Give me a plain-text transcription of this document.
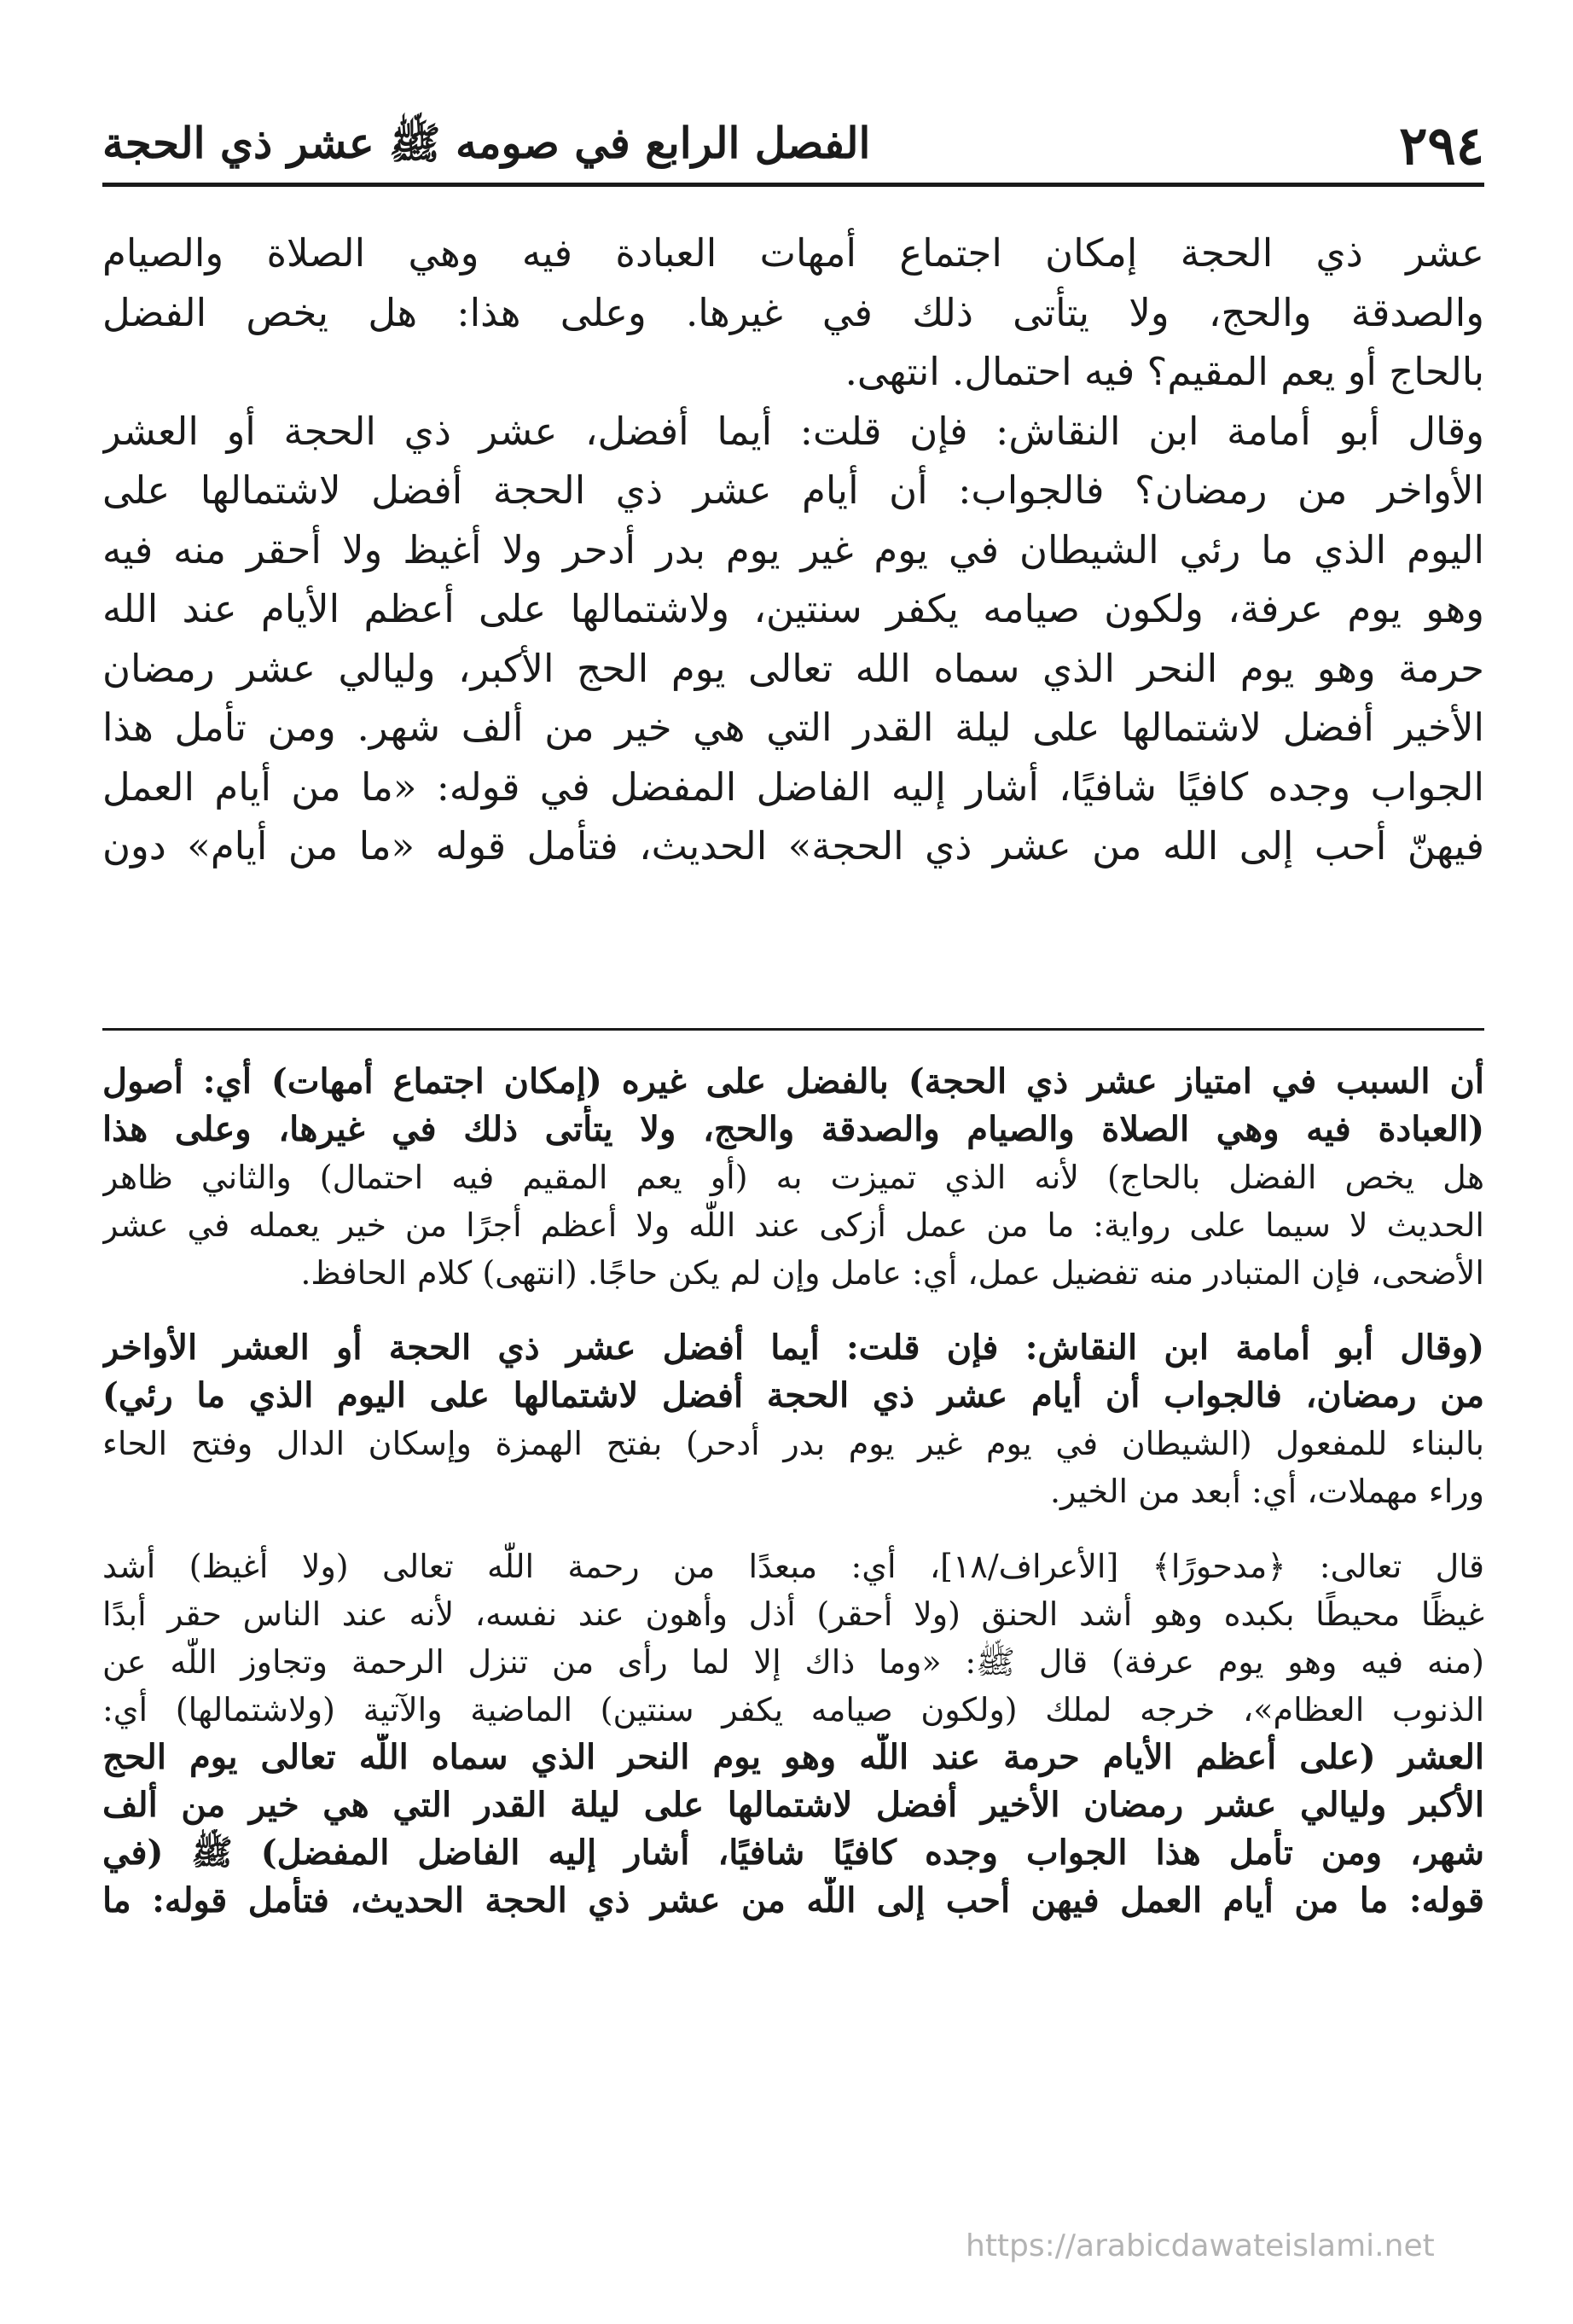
٢٩٤
الفصل الرابع في صومه ﷺ عشر ذي الحجة
عشر ذي الحجة إمكان اجتماع أمهات العبادة فيه وهي الصلاة والصيام
والصدقة والحج، ولا يتأتى ذلك في غيرها. وعلى هذا: هل يخص الفضل
بالحاج أو يعم المقيم؟ فيه احتمال. انتهى.
وقال أبو أمامة ابن النقاش: فإن قلت: أيما أفضل، عشر ذي الحجة أو العشر
الأواخر من رمضان؟ فالجواب: أن أيام عشر ذي الحجة أفضل لاشتمالها على
اليوم الذي ما رئي الشيطان في يوم غير يوم بدر أدحر ولا أغيظ ولا أحقر منه فيه
وهو يوم عرفة، ولكون صيامه يكفر سنتين، ولاشتمالها على أعظم الأيام عند الله
حرمة وهو يوم النحر الذي سماه الله تعالى يوم الحج الأكبر، وليالي عشر رمضان
الأخير أفضل لاشتمالها على ليلة القدر التي هي خير من ألف شهر. ومن تأمل هذا
الجواب وجده كافيًا شافيًا، أشار إليه الفاضل المفضل في قوله: «ما من أيام العمل
فيهنّ أحب إلى الله من عشر ذي الحجة» الحديث، فتأمل قوله «ما من أيام» دون
أن السبب في امتياز عشر ذي الحجة) بالفضل على غيره (إمكان اجتماع أمهات) أي: أصول
(العبادة فيه وهي الصلاة والصيام والصدقة والحج، ولا يتأتى ذلك في غيرها، وعلى هذا
هل يخص الفضل بالحاج) لأنه الذي تميزت به (أو يعم المقيم فيه احتمال) والثاني ظاهر
الحديث لا سيما على رواية: ما من عمل أزكى عند اللّٰه ولا أعظم أجرًا من خير يعمله في عشر
الأضحى، فإن المتبادر منه تفضيل عمل، أي: عامل وإن لم يكن حاجًا. (انتهى) كلام الحافظ.
(وقال أبو أمامة ابن النقاش: فإن قلت: أيما أفضل عشر ذي الحجة أو العشر الأواخر
من رمضان، فالجواب أن أيام عشر ذي الحجة أفضل لاشتمالها على اليوم الذي ما رئي)
بالبناء للمفعول (الشيطان في يوم غير يوم بدر أدحر) بفتح الهمزة وإسكان الدال وفتح الحاء
وراء مهملات، أي: أبعد من الخير.
قال تعالى: ﴿مدحورًا﴾ [الأعراف/١٨]، أي: مبعدًا من رحمة اللّٰه تعالى (ولا أغيظ) أشد
غيظًا محيطًا بكبده وهو أشد الحنق (ولا أحقر) أذل وأهون عند نفسه، لأنه عند الناس حقر أبدًا
(منه فيه وهو يوم عرفة) قال ﷺ: «وما ذاك إلا لما رأى من تنزل الرحمة وتجاوز اللّٰه عن
الذنوب العظام»، خرجه لملك (ولكون صيامه يكفر سنتين) الماضية والآتية (ولاشتمالها) أي:
العشر (على أعظم الأيام حرمة عند اللّٰه وهو يوم النحر الذي سماه اللّٰه تعالى يوم الحج
الأكبر وليالي عشر رمضان الأخير أفضل لاشتمالها على ليلة القدر التي هي خير من ألف
شهر، ومن تأمل هذا الجواب وجده كافيًا شافيًا، أشار إليه الفاضل المفضل) ﷺ (في
قوله: ما من أيام العمل فيهن أحب إلى اللّٰه من عشر ذي الحجة الحديث، فتأمل قوله: ما
https://arabicdawateislami.net
